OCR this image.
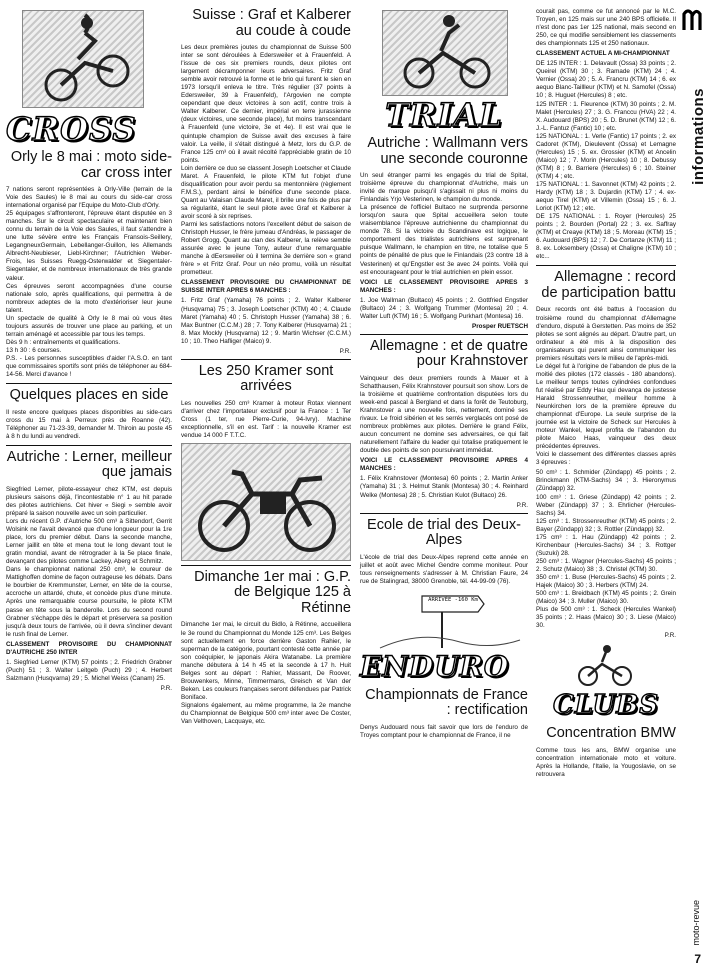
informations
moto-revue
7
CROSS
Orly le 8 mai : moto side-car cross inter

7 nations seront représentées à Orly-Ville (terrain de la Voie des Saules) le 8 mai au cours du side-car cross international organisé par l'Equipe du Moto-Club d'Orly.
25 équipages s'affronteront, l'épreuve étant disputée en 3 manches. Sur le circuit spectaculaire et maintenant bien connu du terrain de la Voie des Saules, il faut s'attendre à une lutte sévère entre les Français Fransois-Seillery, LegangneuxGermain, Lebellanger-Guillon, les Allemands Albrecht-Neubieser, Liebl-Kirchner; l'Autrichien Weber-Frois, les Suisses Ruegg-Osterwalder et Siegentaler-Siegentaler, et de nombreux internationaux de très grande valeur.
Ces épreuves seront accompagnées d'une course nationale solo, après qualifications, qui permettra à de nombreux adeptes de la moto d'extérioriser leur jeune talent.
Un spectacle de qualité à Orly le 8 mai où vous êtes toujours assurés de trouver une place au parking, et un terrain aménagé et accessible par tous les temps.
Dès 9 h : entraînements et qualifications.
13 h 30 : 6 courses.
P.S. - Les personnes susceptibles d'aider l'A.S.O. en tant que commissaires sportifs sont priés de téléphoner au 684-14-56. Merci d'avance !

Quelques places en side

Il reste encore quelques places disponibles au side-cars cross du 15 mai à Perreux près de Roanne (42). Téléphoner au 71-23-39, demander M. Thiroin au poste 45 à 8 h du lundi au vendredi.

Autriche : Lerner, meilleur que jamais

Siegfried Lerner, pilote-essayeur chez KTM, est depuis plusieurs saisons déjà, l'incontestable n° 1 au hit parade des pilotes autrichiens. Cet hiver « Siegi » semble avoir préparé la saison nouvelle avec un soin particulier.
Lors du récent G.P. d'Autriche 500 cm³ à Sittendorf, Gerrit Wolsink ne l'avait devancé que d'une longueur pour la 1re place, lors du premier début. Dans la seconde manche, Lerner jaillit en tête et mena tout le long devant tout le gratin mondial, avant de rétrograder à la 5e place finale, devançant des pilotes comme Lackey, Aberg et Schmitz.
Dans le championnat national 250 cm³, le coureur de Mattighoffen domine de façon outrageuse les débats. Dans le bourbier de Kremmunster, Lerner, en tête de la course, accroche un attardé, chute, et concède plus d'une minute. Après une remarquable course poursuite, le pilote KTM passe en tête sous la banderolle. Lors du second round Grabner s'échappe dès le départ et préservera sa position jusqu'à deux tours de l'arrivée, où il devra s'incliner devant le rush final de Lerner.

CLASSEMENT PROVISOIRE DU CHAMPIONNAT D'AUTRICHE 250 INTER

1. Siegfried Lerner (KTM) 57 points ; 2. Friedrich Grabner (Puch) 51 ; 3. Walter Leitgeb (Puch) 29 ; 4. Herbert Salzmann (Husqvarna) 29 ; 5. Michel Weiss (Canam) 25.

P.R.
Suisse : Graf et Kalberer au coude à coude

Les deux premières joutes du championnat de Suisse 500 inter se sont déroulées à Edersweiler et à Frauenfeld. A l'issue de ces six premiers rounds, deux pilotes ont largement décramponner leurs adversaires. Fritz Graf semble avoir retrouvé la forme et le brio qui furent le sien en 1973 lorsqu'il enleva le titre. Très régulier (37 points à Edersweiler, 39 à Frauenfeld), l'Argovien ne compte cependant que deux victoires à son actif, contre trois à Walter Kalberer. Ce dernier, impérial en terre jurassienne (deux victoires, une seconde place), fut moins transcendant à Frauenfeld (une victoire, 3e et 4e). Il est vrai que le quintuple champion de Suisse avait des excuses à faire valoir. La veille, il s'était distingué à Metz, lors du G.P. de France 125 cm³ où il avait récolté l'appréciable gratin de 10 points.
Loin derrière ce duo se classent Joseph Loetscher et Claude Maret. A Frauenfeld, le pilote KTM fut l'objet d'une disqualification pour avoir perdu sa mentonnière (règlement F.M.S.), perdant ainsi le bénéfice d'une seconde place. Quant au Valaisan Claude Maret, il brille une fois de plus par sa régularité, étant le seul pilote avec Graf et Kalberer à avoir scoré à six reprises.
Parmi les satisfactions notons l'excellent début de saison de Christoph Husser, le frère jumeau d'Andréas, le passager de Robert Grogg. Quant au clan des Kalberer, la relève semble assurée avec le jeune Tony, auteur d'une remarquable manche à dEersweiler où il termina 3e derrière son « grand frère » et Fritz Graf. Pour un néo promu, voilà un résultat prometteur.

CLASSEMENT PROVISOIRE DU CHAMPIONNAT DE SUISSE INTER APRES 6 MANCHES :

1. Fritz Graf (Yamaha) 76 points ; 2. Walter Kalberer (Husqvarna) 75 ; 3. Joseph Loetscher (KTM) 40 ; 4. Claude Maret (Yamaha) 40 ; 5. Christoph Husser (Yamaha) 38 ; 6. Max Buntner (C.C.M.) 28 ; 7. Tony Kalberer (Husqvarna) 21 ; 8. Max Mockly (Husqvarna) 12 ; 9. Martin Wichser (C.C.M.) 10 ; 10. Theo Hafliger (Maico) 9.

P.R.
Les 250 Kramer sont arrivées

Les nouvelles 250 cm³ Kramer à moteur Rotax viennent d'arriver chez l'importateur exclusif pour la France : 1 Ter Cross (1 ter, rue Pierre-Curie, 94-Ivry). Machine exceptionnelle, s'il en est. Tarif : la nouvelle Kramer est vendue 14 000 F T.T.C.

Dimanche 1er mai : G.P. de Belgique 125 à Rétinne

Dimanche 1er mai, le circuit du Bidlo, à Rétinne, accueillera le 3e round du Championnat du Monde 125 cm³. Les Belges sont actuellement en force derrière Gaston Rahier, le superman de la catégorie, pourtant contesté cette année par son coéquipier, le japonais Akira Watanabe. La première manche débutera à 14 h 45 et la seconde à 17 h. Huit Belges sont au départ : Rahier, Massant, De Roover, Brouwenkers, Minne, Timmermans, Greisch et Van der Beken. Les couleurs françaises seront défendues par Patrick Boniface.
Signalons également, au même programme, la 2e manche du Championnat de Belgique 500 cm³ inter avec De Coster, Van Velthoven, Lacquaye, etc.

TRIAL
Autriche : Wallmann vers une seconde couronne

Un seul étranger parmi les engagés du trial de Spital, troisième épreuve du championnat d'Autriche, mais un invité de marque puisqu'il s'agissait ni plus ni moins du Finlandais Yrjo Vesterinen, le champion du monde.
La présence de l'officiel Bultaco ne surprenda personne lorsqu'on saura que Spital accueillera selon toute vraisemblance l'épreuve autrichienne du championnat du monde 78. Si la victoire du Scandinave est logique, le comportement des trialistes autrichiens est surprenant puisque Wallmann, le champion en titre, ne totalise que 5 points de pénalité de plus que le Finlandais (23 contre 18 à Vesterinen) et qu'Engstler est 3e avec 24 points. Voilà qui est encourageant pour le trial autrichien en plein essor.

VOICI LE CLASSEMENT PROVISOIRE APRES 3 MANCHES :

1. Joe Wallman (Bultaco) 45 points ; 2. Gottfried Engstler (Bultaco) 24 ; 3. Wolfgang Trummer (Montesa) 20 ; 4. Walter Luft (KTM) 16 ; 5. Wolfgang Purkhart (Montesa) 16.

Prosper RUETSCH
Allemagne : et de quatre pour Krahnstover

Vainqueur des deux premiers rounds à Mauer et à Schatthausen, Félix Krahnstover poursuit son show. Lors de la troisième et quatrième confrontation disputées lors du week-end pascal à Bergland et dans la forêt de Teutoburg, Krahnstover a une nouvelle fois, nettement, dominé ses rivaux. Le froid sibérien et les serrés verglacés ont posé de nombreux problèmes aux pilotes. Derrière le grand Félix, aucun concurrent ne domine ses adversaires, ce qui fait naturellement l'affaire du leader qui totalise pratiquement le double des points de son poursuivant immédiat.

VOICI LE CLASSEMENT PROVISOIRE APRES 4 MANCHES :

1. Félix Krahnstover (Montesa) 60 points ; 2. Martin Anker (Yamaha) 31 ; 3. Helmut Stanik (Montesa) 30 ; 4. Reinhard Welke (Montesa) 28 ; 5. Christian Kulot (Bultaco) 26.

P.R.
Ecole de trial des Deux-Alpes

L'école de trial des Deux-Alpes reprend cette année en juillet et août avec Michel Gendre comme moniteur. Pour tous renseignements s'adresser à M. Christian Faure, 24 rue de Stalingrad, 38000 Grenoble, tél. 44-99-09 (76).

ARRIVÉE -160 Km
ENDURO
Championnats de France : rectification

Denys Audouard nous fait savoir que lors de l'enduro de Troyes comptant pour le championnat de France, il ne

courait pas, comme ce fut annoncé par le M.C. Troyen, en 125 mais sur une 240 BPS officielle. Il n'est donc pas 1er 125 national, mais second en 250, ce qui modifie sensiblement les classements des championnats 125 et 250 nationaux.

CLASSEMENT ACTUEL A MI-CHAMPIONNAT

DE 125 INTER : 1. Delavault (Ossa) 33 points ; 2. Queirel (KTM) 30 ; 3. Ramade (KTM) 24 ; 4. Vernier (Ossa) 20 ; 5. A. Francru (KTM) 14 ; 6. ex aequo Blanc-Taillleur (KTM) et N. Samofel (Ossa) 10 ; 8. Huguet (Hercules) 8 ; etc.
125 INTER : 1. Fleurence (KTM) 30 points ; 2. M. Malet (Hercules) 27 ; 3. G. Franccu (HVA) 22 ; 4. X. Audouard (BPS) 20 ; 5. D. Brunet (KTM) 12 ; 6. J.-L. Fantuz (Fantic) 10 ; etc.
125 NATIONAL : 1. Verle (Fantic) 17 points ; 2. ex Cadoret (KTM), Dieulevent (Ossa) et Lemagne (Hercules) 15 ; 5. ex. Grossier (KTM) et Ancelin (Maico) 12 ; 7. Morin (Hercules) 10 ; 8. Debussy (KTM) 8 ; 9. Barriere (Hercules) 6 ; 10. Steiner (KTM) 4 ; etc.
175 NATIONAL : 1. Savonnet (KTM) 42 points ; 2. Hardy (KTM) 18 ; 3. Dujardin (KTM) 17 ; 4. ex-aequo Tirel (KTM) et Villemin (Ossa) 15 ; 6. J. Loriot (KTM) 12 ; etc.
DE 175 NATIONAL : 1. Royer (Hercules) 25 points ; 2. Bourden (Portal) 22 ; 3. ex. Saffray (KTM) et Creaye (KTM) 18 ; 5. Moreau (KTM) 15 ; 6. Audouard (BPS) 12 ; 7. De Cortanze (KTM) 11 ; 8. ex. Loksembery (Ossa) et Chaligne (KTM) 10 ; etc...

Allemagne : record de participation battu

Deux records ont été battus à l'occasion du troisième round du championnat d'Allemagne d'enduro, disputé à Gerstetten. Pas moins de 352 pilotes se sont alignés au départ. D'autre part, un ordinateur a été mis à la disposition des organisateurs qui purent ainsi communiquer les premiers résultats vers le milieu de l'après-midi.
Le dégel fut à l'origine de l'abandon de plus de la moitié des pilotes (172 classés - 180 abandons). Le meilleur temps toutes cylindrées confondues fut réalisé par Eddy Hau qui devança de justesse Harald Strossenreuther, meilleur homme à Neunkirchen lors de la première épreuve du championnat d'Europe. La seule surprise de la journée est la victoire de Scheck sur Hercules à moteur Wankel, lequel profita de l'abandon du pilote Maico Haas, vainqueur des deux précédentes épreuves.
Voici le classement des différentes classes après 3 épreuves :

50 cm³ : 1. Schmider (Zündapp) 45 points ; 2. Brinckmann (KTM-Sachs) 34 ; 3. Hieronymus (Zündapp) 32.
100 cm³ : 1. Griese (Zündapp) 42 points ; 2. Weber (Zündapp) 37 ; 3. Ehrlicher (Hercules-Sachs) 34.
125 cm³ : 1. Strossenreuther (KTM) 45 points ; 2. Bayer (Zündapp) 32 ; 3. Rottler (Zündapp) 32.
175 cm³ : 1. Hau (Zündapp) 42 points ; 2. Kirchenbaur (Hercules-Sachs) 34 ; 3. Rottger (Suzuki) 28.
250 cm³ : 1. Wagner (Hercules-Sachs) 45 points ; 2. Schutz (Maico) 38 ; 3. Christel (KTM) 30.
350 cm³ : 1. Buse (Hercules-Sachs) 45 points ; 2. Hajek (Maico) 30 ; 3. Herbers (KTM) 24.
500 cm³ : 1. Breidbach (KTM) 45 points ; 2. Grein (Maico) 34 ; 3. Muller (Maico) 30.
Plus de 500 cm³ : 1. Scheck (Hercules Wankel) 35 points ; 2. Haas (Maico) 30 ; 3. Liese (Maico) 30.

P.R.
CLUBS
Concentration BMW

Comme tous les ans, BMW organise une concentration internationale moto et voiture. Après la Hollande, l'Italie, la Yougoslavie, on se retrouvera
